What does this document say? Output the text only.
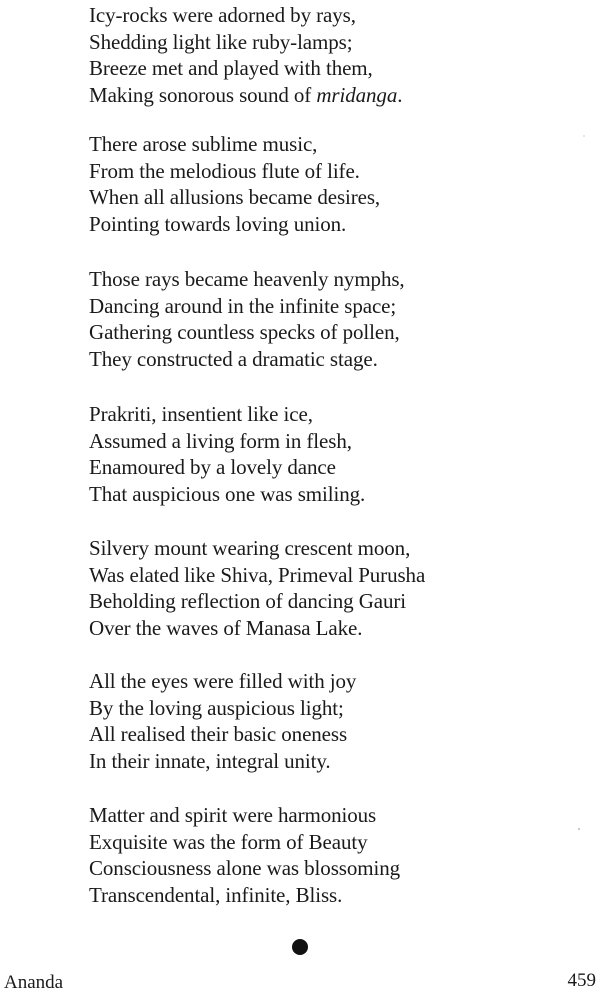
Icy-rocks were adorned by rays,
Shedding light like ruby-lamps;
Breeze met and played with them,
Making sonorous sound of mridanga.
There arose sublime music,
From the melodious flute of life.
When all allusions became desires,
Pointing towards loving union.
Those rays became heavenly nymphs,
Dancing around in the infinite space;
Gathering countless specks of pollen,
They constructed a dramatic stage.
Prakriti, insentient like ice,
Assumed a living form in flesh,
Enamoured by a lovely dance
That auspicious one was smiling.
Silvery mount wearing crescent moon,
Was elated like Shiva, Primeval Purusha
Beholding reflection of dancing Gauri
Over the waves of Manasa Lake.
All the eyes were filled with joy
By the loving auspicious light;
All realised their basic oneness
In their innate, integral unity.
Matter and spirit were harmonious
Exquisite was the form of Beauty
Consciousness alone was blossoming
Transcendental, infinite, Bliss.
Ananda	459
